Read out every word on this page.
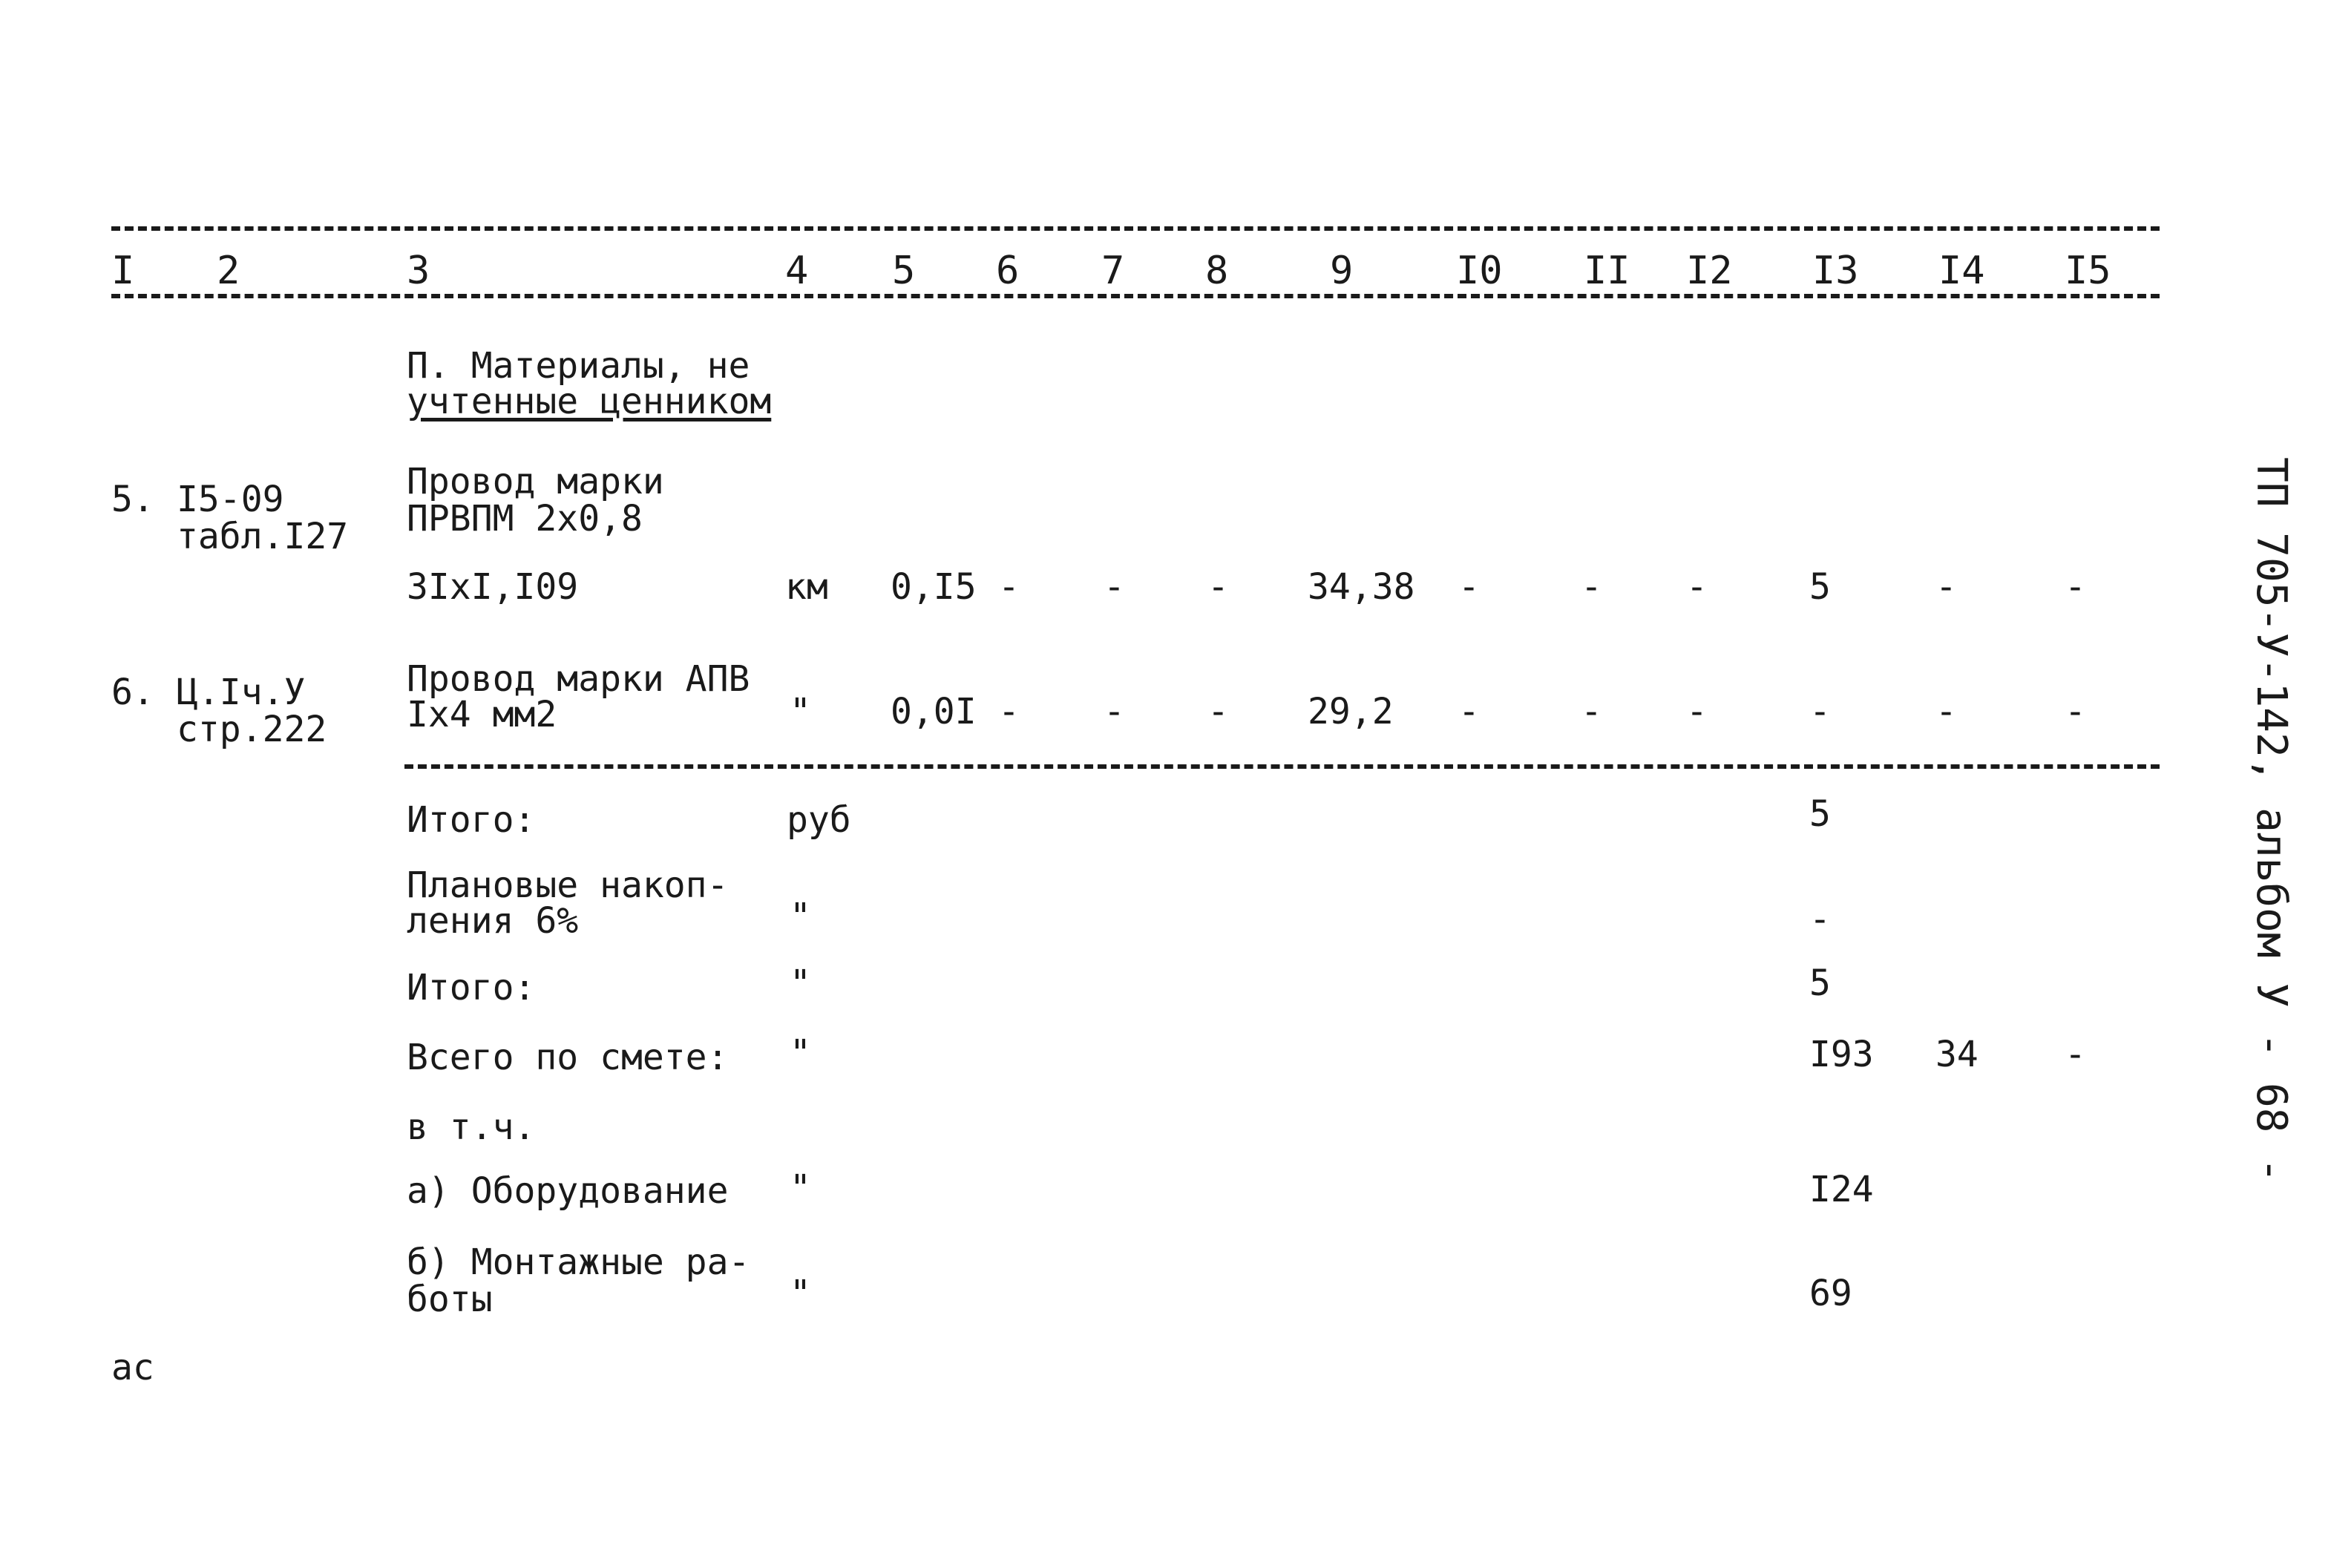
I 2	3	4 5 6 7 8	9	I0 II I2 I3 I4 I5
П. Материалы, не
учтенные ценником
5. I5-09
табл.I27
Провод марки
ПРВПМ 2х0,8
3IхI,I09	км 0,I5 - - - 34,38 -	- -	5	-	-
6. Ц.Iч.У
стр.222
Провод марки АПВ
Iх4 мм2	" 0,0I - - - 29,2 -	- -	-	-	-
Итого:	руб	5
Плановые накоп-
ления 6%	"	-
Итого:	"	5
Всего по смете: "	I93 34 -
в т.ч.
а) Оборудование "	I24
б) Монтажные ра-
боты	"	69
ас
ТП 705-У-142, альбом У - 68 -
